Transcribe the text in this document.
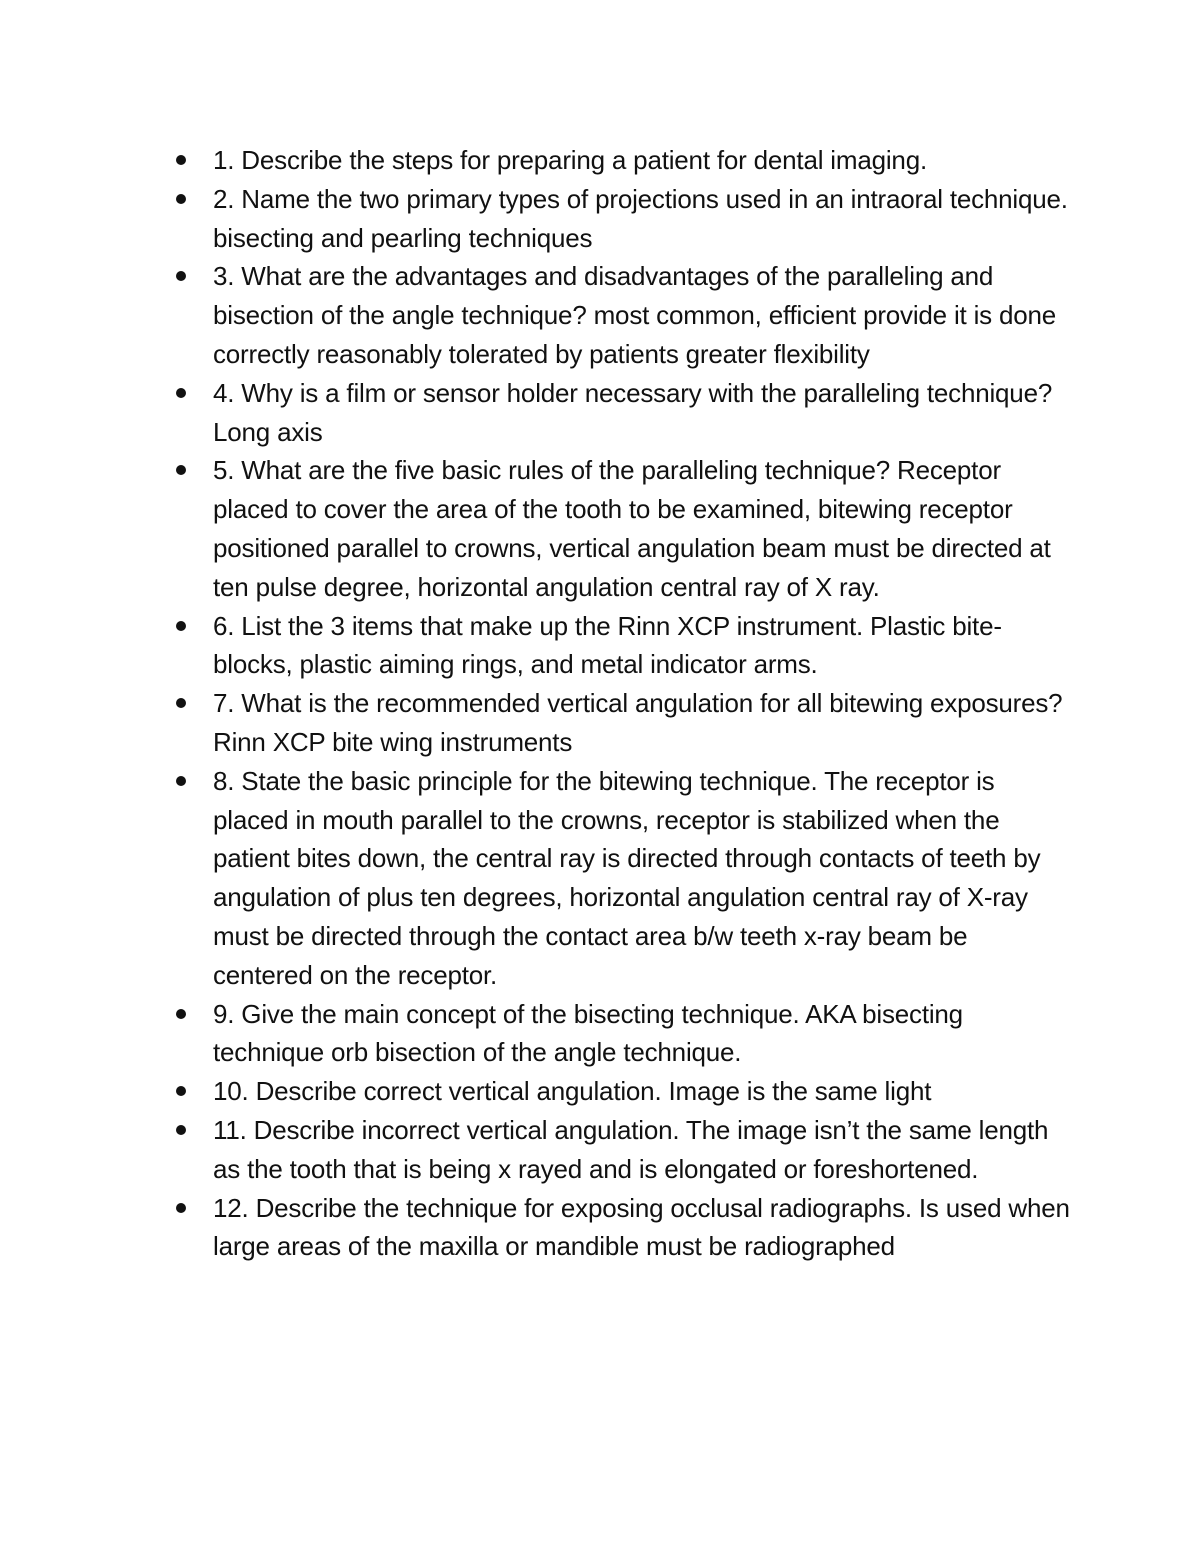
1. Describe the steps for preparing a patient for dental imaging.
2. Name the two primary types of projections used in an intraoral technique. bisecting and pearling techniques
3. What are the advantages and disadvantages of the paralleling and bisection of the angle technique? most common, efficient provide it is done correctly reasonably tolerated by patients greater flexibility
4. Why is a film or sensor holder necessary with the paralleling technique? Long axis
5. What are the five basic rules of the paralleling technique? Receptor placed to cover the area of the tooth to be examined, bitewing receptor positioned parallel to crowns, vertical angulation beam must be directed at ten pulse degree, horizontal angulation central ray of X ray.
6. List the 3 items that make up the Rinn XCP instrument. Plastic bite-blocks, plastic aiming rings, and metal indicator arms.
7. What is the recommended vertical angulation for all bitewing exposures? Rinn XCP bite wing instruments
8. State the basic principle for the bitewing technique. The receptor is placed in mouth parallel to the crowns, receptor is stabilized when the patient bites down, the central ray is directed through contacts of teeth by angulation of plus ten degrees, horizontal angulation central ray of X-ray must be directed through the contact area b/w teeth x-ray beam be centered on the receptor.
9. Give the main concept of the bisecting technique. AKA bisecting technique orb bisection of the angle technique.
10. Describe correct vertical angulation. Image is the same light
11. Describe incorrect vertical angulation. The image isn’t the same length as the tooth that is being x rayed and is elongated or foreshortened.
12. Describe the technique for exposing occlusal radiographs. Is used when large areas of the maxilla or mandible must be radiographed
